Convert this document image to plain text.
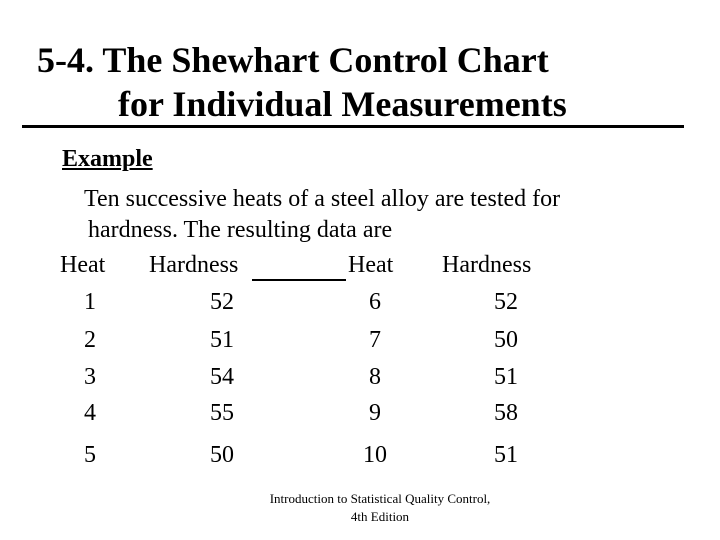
5-4. The Shewhart Control Chart
for Individual Measurements
Example
Ten successive heats of a steel alloy are tested for
hardness. The resulting data are
Heat Hardness	Heat Hardness
1	52	6	52
2	51	7	50
3	54	8	51
4	55	9	58
5	50	10	51
Introduction to Statistical Quality Control,
4th Edition
